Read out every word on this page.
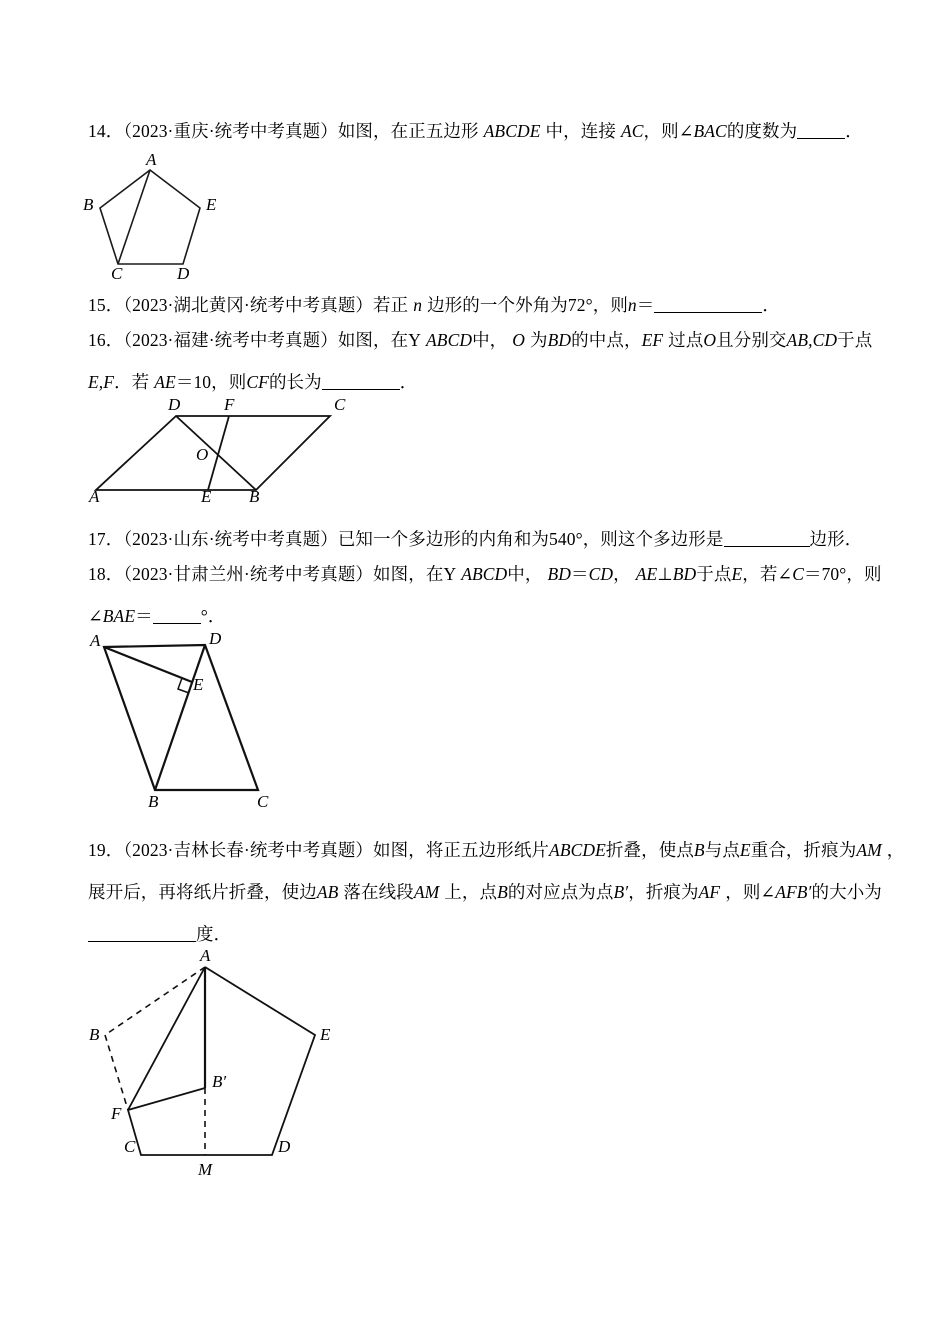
14．（2023·重庆·统考中考真题）如图，在正五边形 ABCDE 中，连接 AC，则∠BAC的度数为	．
A
B
C	D
E
15．（2023·湖北黄冈·统考中考真题）若正 n 边形的一个外角为72°，则n＝	．
16．（2023·福建·统考中考真题）如图，在Y ABCD中， O 为BD的中点，EF 过点O且分别交AB,CD于点
E,F．若 AE＝10，则CF的长为	．
A	B
C
D
E
F
O
17．（2023·山东·统考中考真题）已知一个多边形的内角和为540°，则这个多边形是	边形．
18．（2023·甘肃兰州·统考中考真题）如图，在Y ABCD中， BD＝CD， AE⊥BD于点E，若∠C＝70°，则
∠BAE＝	°．
A	D
B	C
E
19．（2023·吉林长春·统考中考真题）如图，将正五边形纸片ABCDE折叠，使点B与点E重合，折痕为AM ，
展开后，再将纸片折叠，使边AB 落在线段AM 上，点B的对应点为点B′，折痕为AF ，则∠AFB′的大小为
度．
A
B	E
F
C	D
M
B′
